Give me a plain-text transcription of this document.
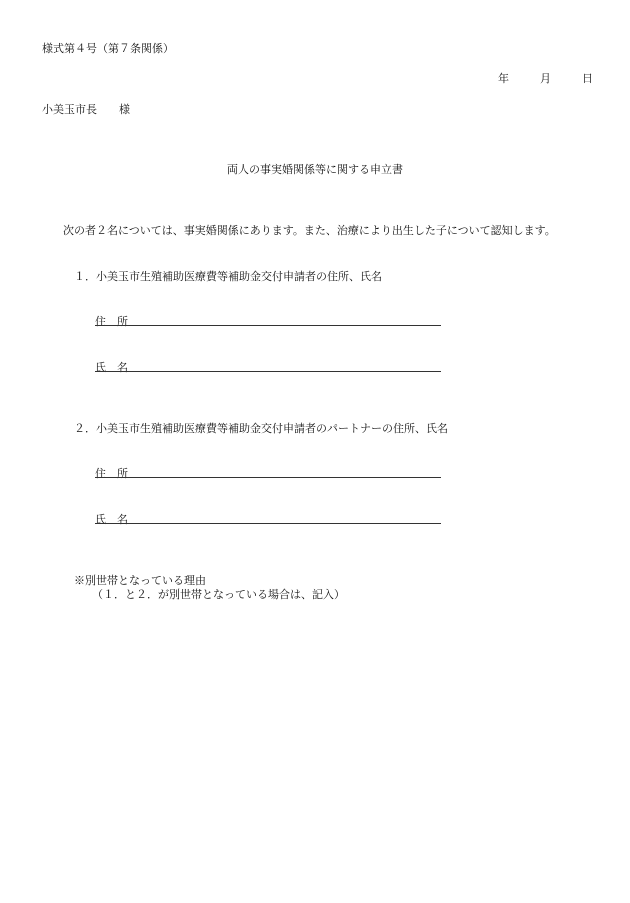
様式第４号（第７条関係）
年	月	日
小美玉市長　　様
両人の事実婚関係等に関する申立書
次の者２名については、事実婚関係にあります。また、治療により出生した子について認知します。
１．小美玉市生殖補助医療費等補助金交付申請者の住所、氏名
住　所
氏　名
２．小美玉市生殖補助医療費等補助金交付申請者のパートナーの住所、氏名
住　所
氏　名
※別世帯となっている理由
（１．と２．が別世帯となっている場合は、記入）
